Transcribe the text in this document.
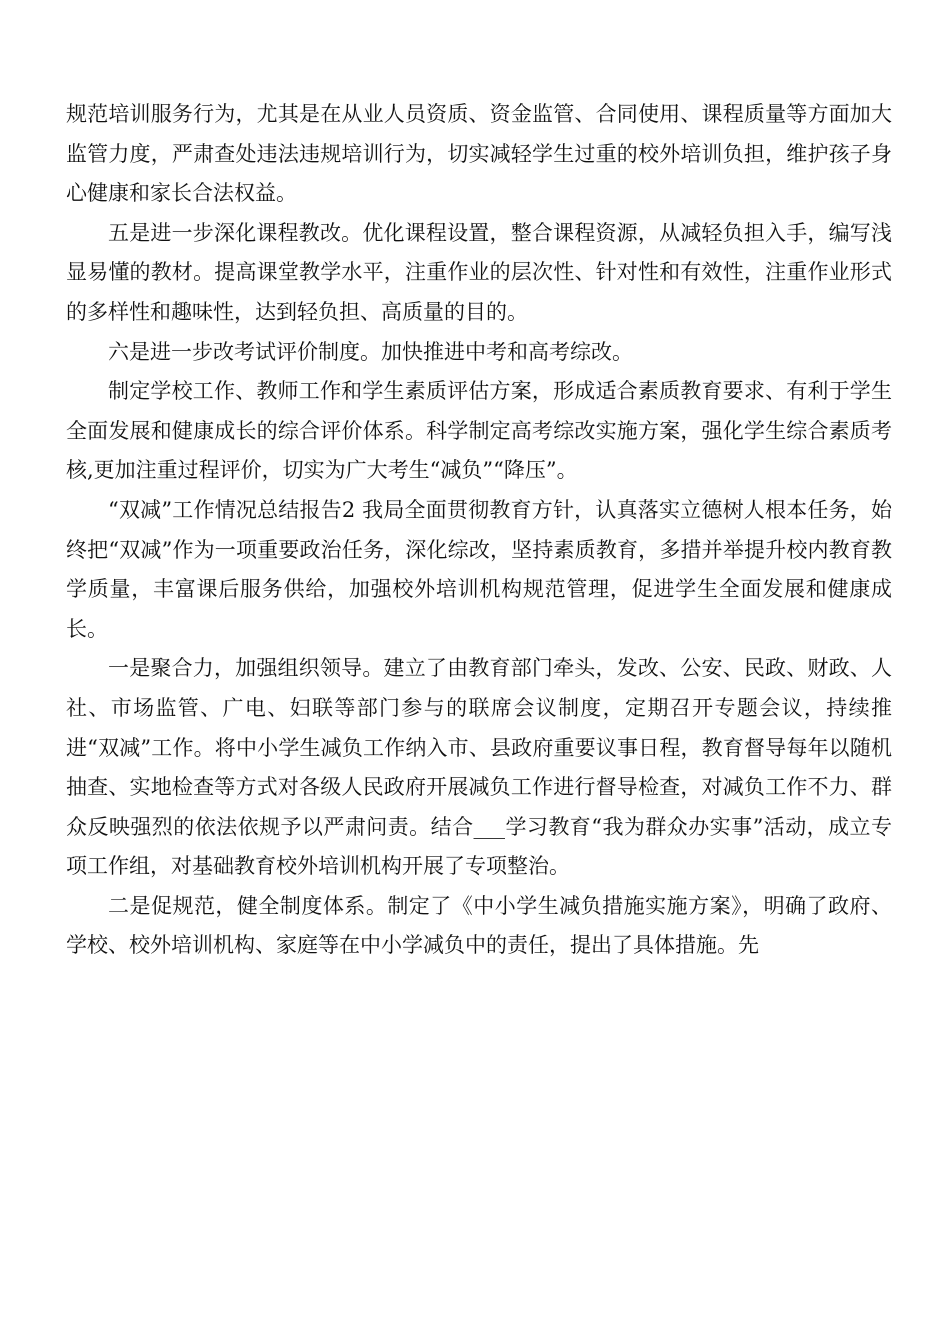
规范培训服务行为，尤其是在从业人员资质、资金监管、合同使用、课程质量等方面加大监管力度，严肃查处违法违规培训行为，切实减轻学生过重的校外培训负担，维护孩子身心健康和家长合法权益。

五是进一步深化课程教改。优化课程设置，整合课程资源，从减轻负担入手，编写浅显易懂的教材。提高课堂教学水平，注重作业的层次性、针对性和有效性，注重作业形式的多样性和趣味性，达到轻负担、高质量的目的。

六是进一步改考试评价制度。加快推进中考和高考综改。

制定学校工作、教师工作和学生素质评估方案，形成适合素质教育要求、有利于学生全面发展和健康成长的综合评价体系。科学制定高考综改实施方案，强化学生综合素质考核,更加注重过程评价，切实为广大考生“减负”“降压”。

“双减”工作情况总结报告2 我局全面贯彻教育方针，认真落实立德树人根本任务，始终把“双减”作为一项重要政治任务，深化综改，坚持素质教育，多措并举提升校内教育教学质量，丰富课后服务供给，加强校外培训机构规范管理，促进学生全面发展和健康成长。

一是聚合力，加强组织领导。建立了由教育部门牵头，发改、公安、民政、财政、人社、市场监管、广电、妇联等部门参与的联席会议制度，定期召开专题会议，持续推进“双减”工作。将中小学生减负工作纳入市、县政府重要议事日程，教育督导每年以随机抽查、实地检查等方式对各级人民政府开展减负工作进行督导检查，对减负工作不力、群众反映强烈的依法依规予以严肃问责。结合___学习教育“我为群众办实事”活动，成立专项工作组，对基础教育校外培训机构开展了专项整治。

二是促规范，健全制度体系。制定了《中小学生减负措施实施方案》，明确了政府、学校、校外培训机构、家庭等在中小学减负中的责任，提出了具体措施。先
